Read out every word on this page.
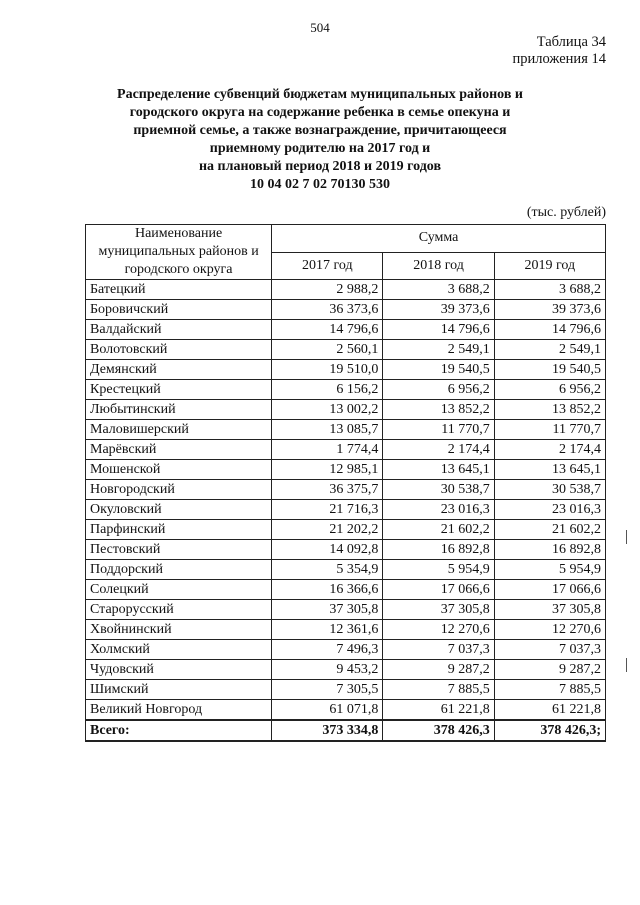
504
Таблица 34
приложения 14
Распределение субвенций бюджетам муниципальных районов и
городского округа на содержание ребенка в семье опекуна и
приемной семье, а также вознаграждение, причитающееся
приемному родителю на 2017 год и
на плановый период 2018 и 2019 годов
10 04 02 7 02 70130 530
(тыс. рублей)
Наименование муниципальных районов и городского округа	Сумма		
	2017 год	2018 год	2019 год
Батецкий	2 988,2	3 688,2	3 688,2
Боровичский	36 373,6	39 373,6	39 373,6
Валдайский	14 796,6	14 796,6	14 796,6
Волотовский	2 560,1	2 549,1	2 549,1
Демянский	19 510,0	19 540,5	19 540,5
Крестецкий	6 156,2	6 956,2	6 956,2
Любытинский	13 002,2	13 852,2	13 852,2
Маловишерский	13 085,7	11 770,7	11 770,7
Марёвский	1 774,4	2 174,4	2 174,4
Мошенской	12 985,1	13 645,1	13 645,1
Новгородский	36 375,7	30 538,7	30 538,7
Окуловский	21 716,3	23 016,3	23 016,3
Парфинский	21 202,2	21 602,2	21 602,2
Пестовский	14 092,8	16 892,8	16 892,8
Поддорский	5 354,9	5 954,9	5 954,9
Солецкий	16 366,6	17 066,6	17 066,6
Старорусский	37 305,8	37 305,8	37 305,8
Хвойнинский	12 361,6	12 270,6	12 270,6
Холмский	7 496,3	7 037,3	7 037,3
Чудовский	9 453,2	9 287,2	9 287,2
Шимский	7 305,5	7 885,5	7 885,5
Великий Новгород	61 071,8	61 221,8	61 221,8
Всего:	373 334,8	378 426,3	378 426,3;
